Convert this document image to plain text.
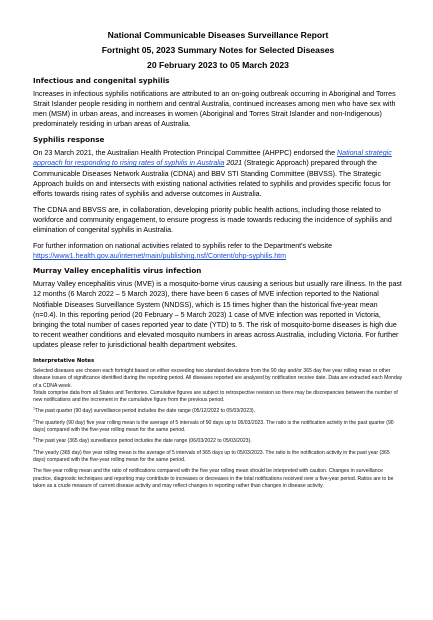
National Communicable Diseases Surveillance Report
Fortnight 05, 2023 Summary Notes for Selected Diseases
20 February 2023 to 05 March 2023
Infectious and congenital syphilis

Increases in infectious syphilis notifications are attributed to an on-going outbreak occurring in Aboriginal and Torres Strait Islander people residing in northern and central Australia, continued increases among men who have sex with men (MSM) in urban areas, and increases in women (Aboriginal and Torres Strait Islander and non-Indigenous) predominately residing in urban areas of Australia.

Syphilis response

On 23 March 2021, the Australian Health Protection Principal Committee (AHPPC) endorsed the National strategic approach for responding to rising rates of syphilis in Australia 2021 (Strategic Approach) prepared through the Communicable Diseases Network Australia (CDNA) and BBV STI Standing Committee (BBVSS). The Strategic Approach builds on and intersects with existing national activities related to syphilis and provides specific focus for efforts towards rising rates of syphilis and adverse outcomes in Australia.

The CDNA and BBVSS are, in collaboration, developing priority public health actions, including those related to workforce and community engagement, to ensure progress is made towards reducing the incidence of syphilis and elimination of congenital syphilis in Australia.

For further information on national activities related to syphilis refer to the Department's website
https://www1.health.gov.au/internet/main/publishing.nsf/Content/ohp-syphilis.htm

Murray Valley encephalitis virus infection

Murray Valley encephalitis virus (MVE) is a mosquito-borne virus causing a serious but usually rare illness. In the past 12 months (6 March 2022 – 5 March 2023), there have been 6 cases of MVE infection reported to the National Notifiable Diseases Surveillance System (NNDSS), which is 15 times higher than the historical five-year mean (n=0.4). In this reporting period (20 February – 5 March 2023) 1 case of MVE infection was reported in Victoria, bringing the total number of cases reported year to date (YTD) to 5. The risk of mosquito-borne diseases is high due to recent weather conditions and elevated mosquito numbers in areas across Australia, including Victoria. For further updates please refer to jurisdictional health department websites.

Interpretative Notes

Selected diseases are chosen each fortnight based on either exceeding two standard deviations from the 90 day and/or 365 day five year rolling mean or other disease issues of significance identified during the reporting period. All diseases reported are analysed by notification receive date. Data are extracted each Monday of a CDNA week.
Totals comprise data from all States and Territories. Cumulative figures are subject to retrospective revision so there may be discrepancies between the number of new notifications and the increment in the cumulative figure from the previous period.

$^1$The past quarter (90 day) surveillance period includes the date range (05/12/2022 to 05/03/2023).

$^2$The quarterly (90 day) five year rolling mean is the average of 5 intervals of 90 days up to 05/03/2023. The ratio is the notification activity in the past quarter (90 days) compared with the five-year rolling mean for the same period.

$^3$The past year (365 day) surveillance period includes the date range (06/03/2022 to 05/03/2023).

$^4$The yearly (365 day) five year rolling mean is the average of 5 intervals of 365 days up to 05/03/2023. The ratio is the notification activity in the past year (365 days) compared with the five-year rolling mean for the same period.

The five-year rolling mean and the ratio of notifications compared with the five year rolling mean should be interpreted with caution. Changes in surveillance practice, diagnostic techniques and reporting may contribute to increases or decreases in the total notifications received over a five-year period. Ratios are to be taken as a crude measure of current disease activity and may reflect changes in reporting rather than changes in disease activity.
